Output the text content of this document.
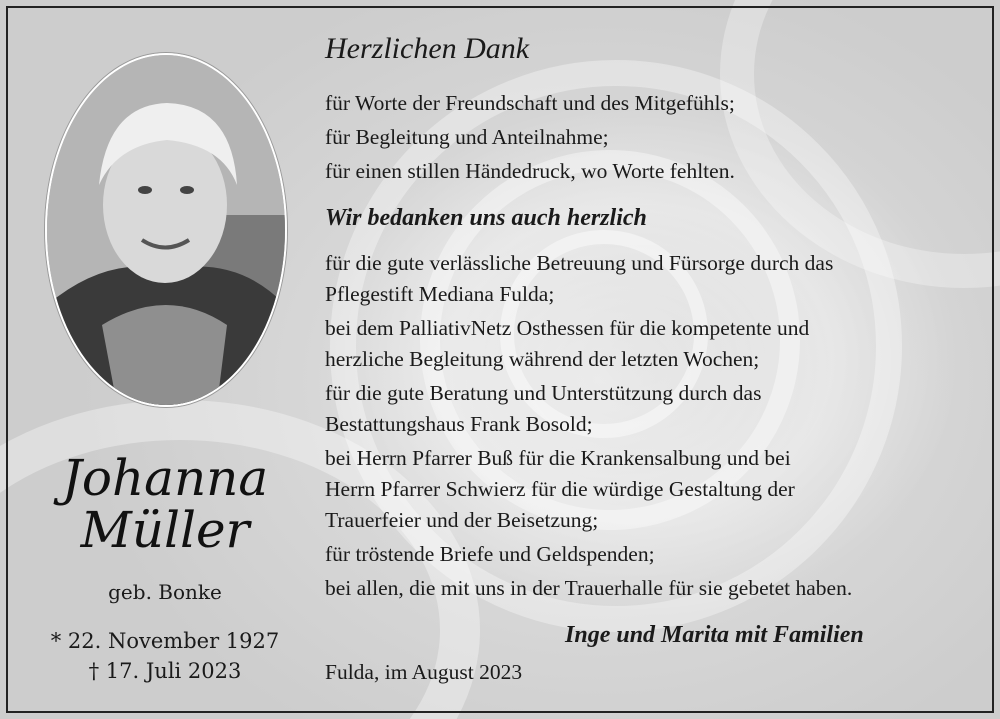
Johanna
Müller
geb. Bonke
* 22. November 1927
† 17. Juli 2023
Herzlichen Dank
für Worte der Freundschaft und des Mitgefühls;
für Begleitung und Anteilnahme;
für einen stillen Händedruck, wo Worte fehlten.
Wir bedanken uns auch herzlich
für die gute verlässliche Betreuung und Fürsorge durch das
Pflegestift Mediana Fulda;
bei dem PalliativNetz Osthessen für die kompetente und
herzliche Begleitung während der letzten Wochen;
für die gute Beratung und Unterstützung durch das
Bestattungshaus Frank Bosold;
bei Herrn Pfarrer Buß für die Krankensalbung und bei
Herrn Pfarrer Schwierz für die würdige Gestaltung der
Trauerfeier und der Beisetzung;
für tröstende Briefe und Geldspenden;
bei allen, die mit uns in der Trauerhalle für sie gebetet haben.
Inge und Marita mit Familien
Fulda, im August 2023
